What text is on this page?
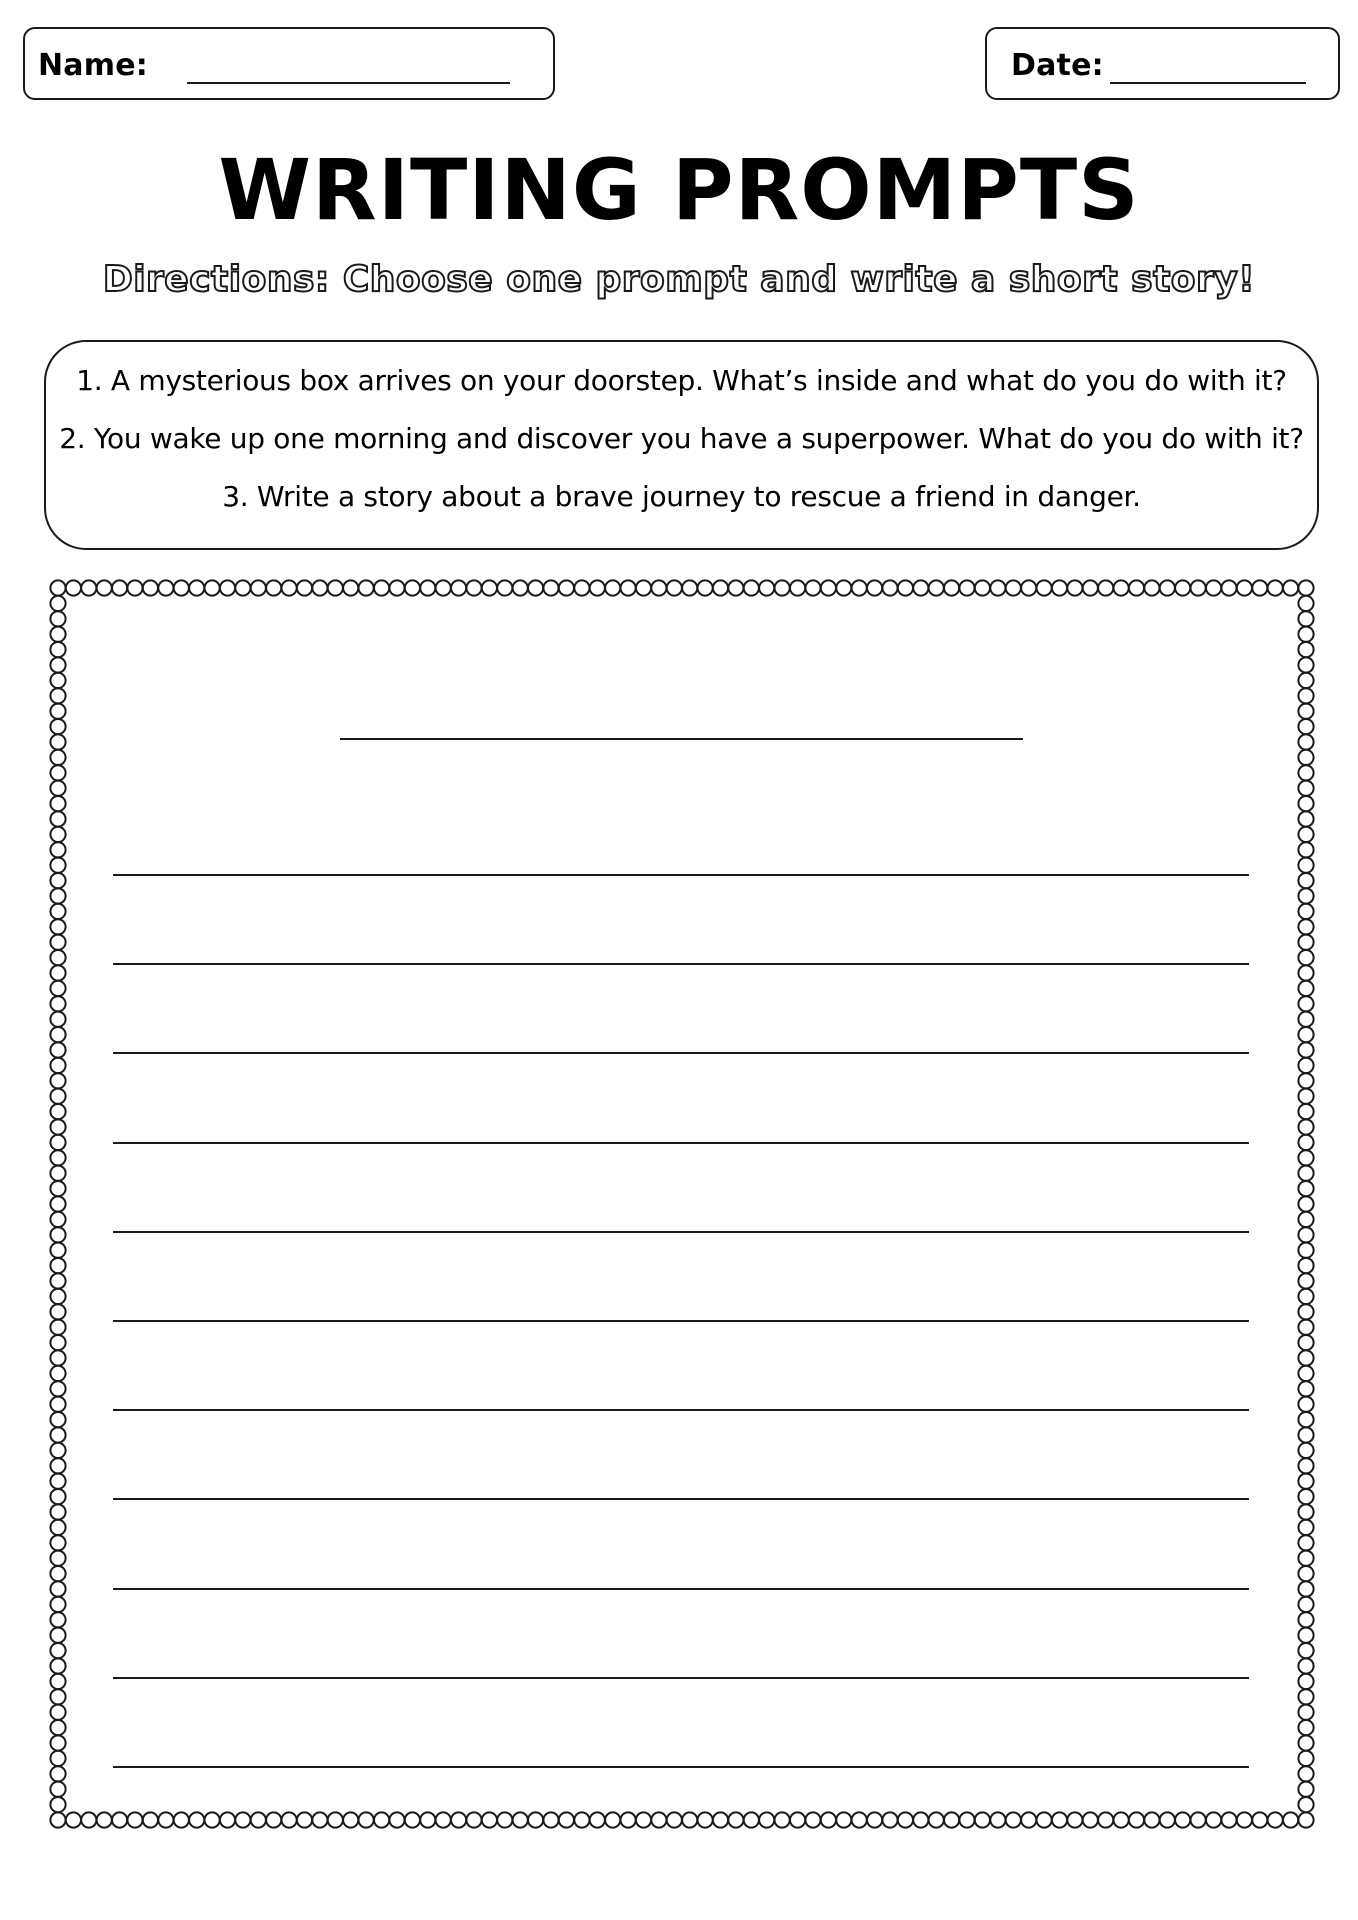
Name:	Date:
WRITING PROMPTS
Directions: Choose one prompt and write a short story!
1. A mysterious box arrives on your doorstep. What’s inside and what do you do with it?
2. You wake up one morning and discover you have a superpower. What do you do with it?
3. Write a story about a brave journey to rescue a friend in danger.
